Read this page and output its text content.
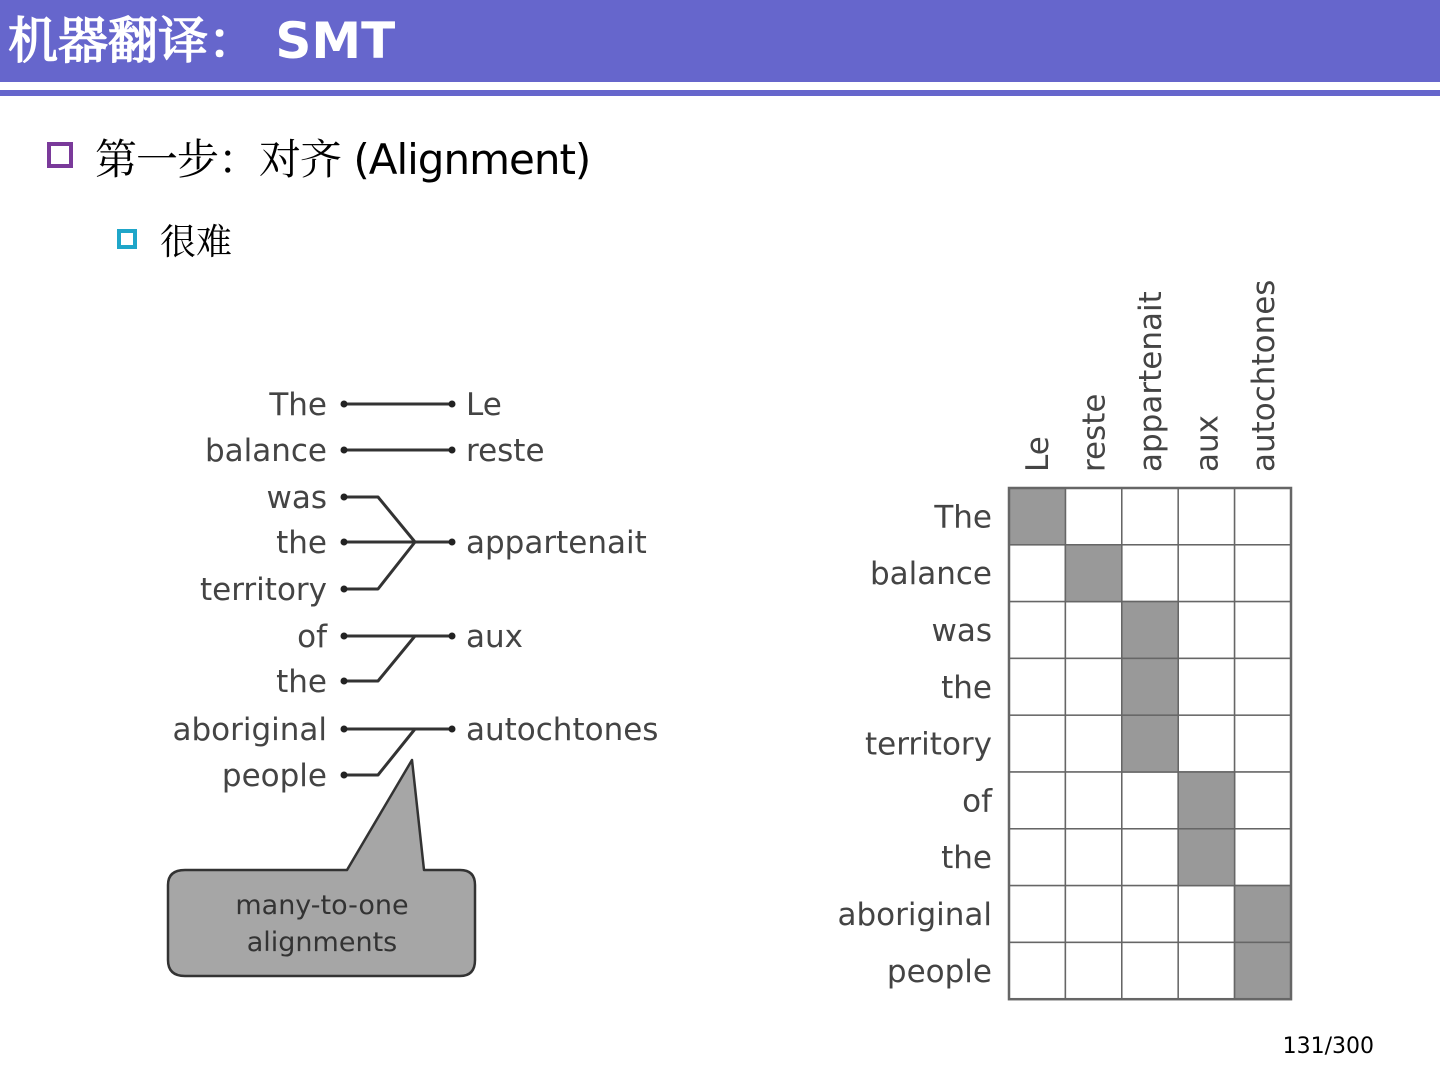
机器翻译： SMT
第一步：对齐 (Alignment)
很难
The
balance
was
the
territory
of
the
aboriginal
people
Le
reste
appartenait
aux
autochtones
many-to-one
alignments
The
balance
was
the
territory
of
the
aboriginal
people
Le reste appartenait aux autochtones
131/300
